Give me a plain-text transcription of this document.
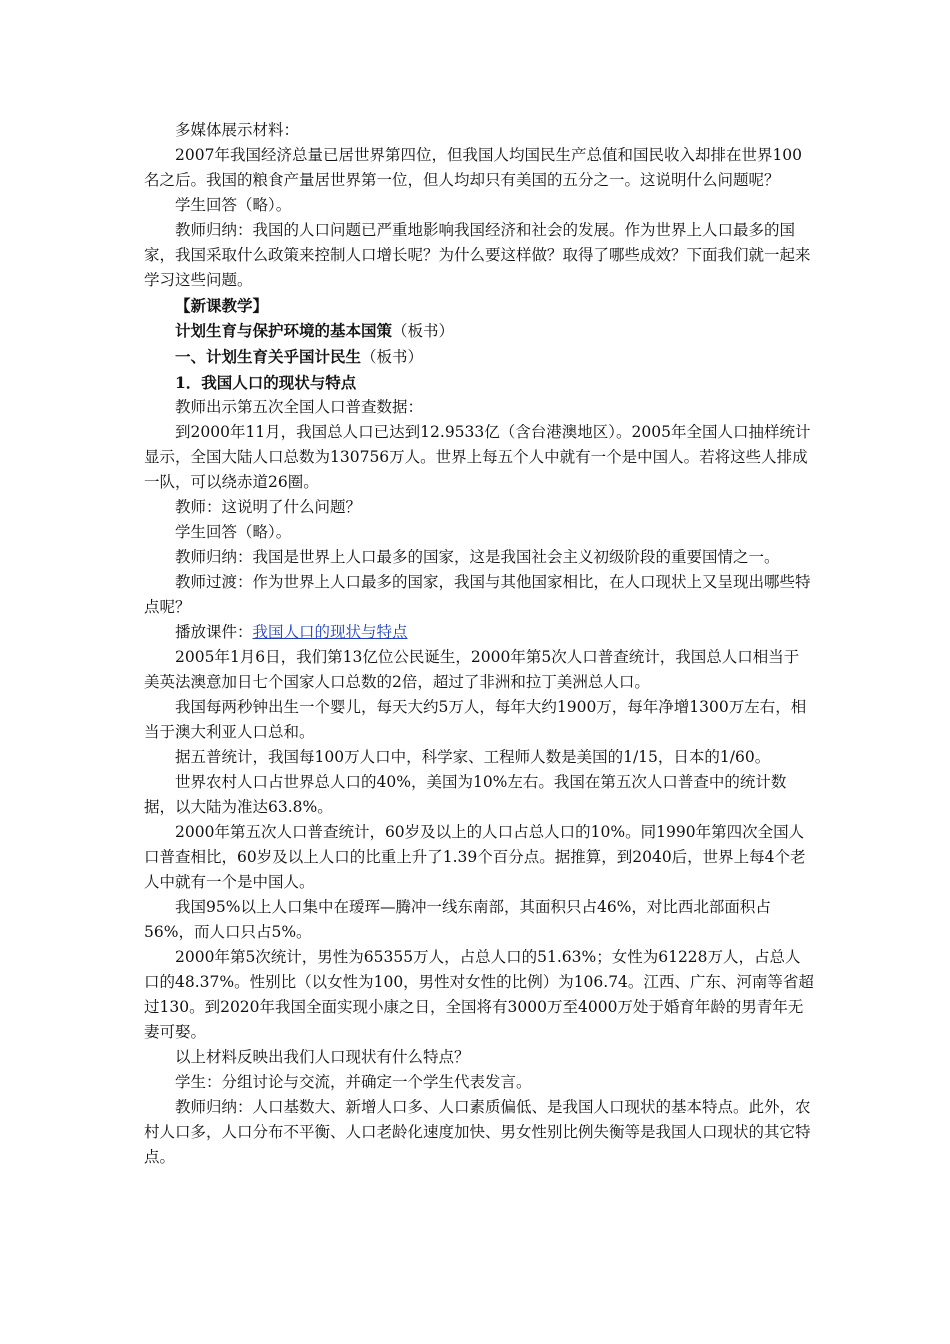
多媒体展示材料：

2007年我国经济总量已居世界第四位，但我国人均国民生产总值和国民收入却排在世界100名之后。我国的粮食产量居世界第一位，但人均却只有美国的五分之一。这说明什么问题呢？

学生回答（略）。

教师归纳：我国的人口问题已严重地影响我国经济和社会的发展。作为世界上人口最多的国家，我国采取什么政策来控制人口增长呢？为什么要这样做？取得了哪些成效？下面我们就一起来学习这些问题。

【新课教学】

计划生育与保护环境的基本国策（板书）

一、计划生育关乎国计民生（板书）

1．我国人口的现状与特点

教师出示第五次全国人口普查数据：

到2000年11月，我国总人口已达到12.9533亿（含台港澳地区）。2005年全国人口抽样统计显示，全国大陆人口总数为130756万人。世界上每五个人中就有一个是中国人。若将这些人排成一队，可以绕赤道26圈。

教师：这说明了什么问题？

学生回答（略）。

教师归纳：我国是世界上人口最多的国家，这是我国社会主义初级阶段的重要国情之一。

教师过渡：作为世界上人口最多的国家，我国与其他国家相比，在人口现状上又呈现出哪些特点呢？

播放课件：我国人口的现状与特点

2005年1月6日，我们第13亿位公民诞生，2000年第5次人口普查统计，我国总人口相当于美英法澳意加日七个国家人口总数的2倍，超过了非洲和拉丁美洲总人口。

我国每两秒钟出生一个婴儿，每天大约5万人，每年大约1900万，每年净增1300万左右，相当于澳大利亚人口总和。

据五普统计，我国每100万人口中，科学家、工程师人数是美国的1/15，日本的1/60。

世界农村人口占世界总人口的40%，美国为10%左右。我国在第五次人口普查中的统计数据，以大陆为准达63.8%。

2000年第五次人口普查统计，60岁及以上的人口占总人口的10%。同1990年第四次全国人口普查相比，60岁及以上人口的比重上升了1.39个百分点。据推算，到2040后，世界上每4个老人中就有一个是中国人。

我国95%以上人口集中在瑷珲—腾冲一线东南部，其面积只占46%，对比西北部面积占56%，而人口只占5%。

2000年第5次统计，男性为65355万人，占总人口的51.63%；女性为61228万人，占总人口的48.37%。性别比（以女性为100，男性对女性的比例）为106.74。江西、广东、河南等省超过130。到2020年我国全面实现小康之日，全国将有3000万至4000万处于婚育年龄的男青年无妻可娶。

以上材料反映出我们人口现状有什么特点？

学生：分组讨论与交流，并确定一个学生代表发言。

教师归纳：人口基数大、新增人口多、人口素质偏低、是我国人口现状的基本特点。此外，农村人口多，人口分布不平衡、人口老龄化速度加快、男女性别比例失衡等是我国人口现状的其它特点。
